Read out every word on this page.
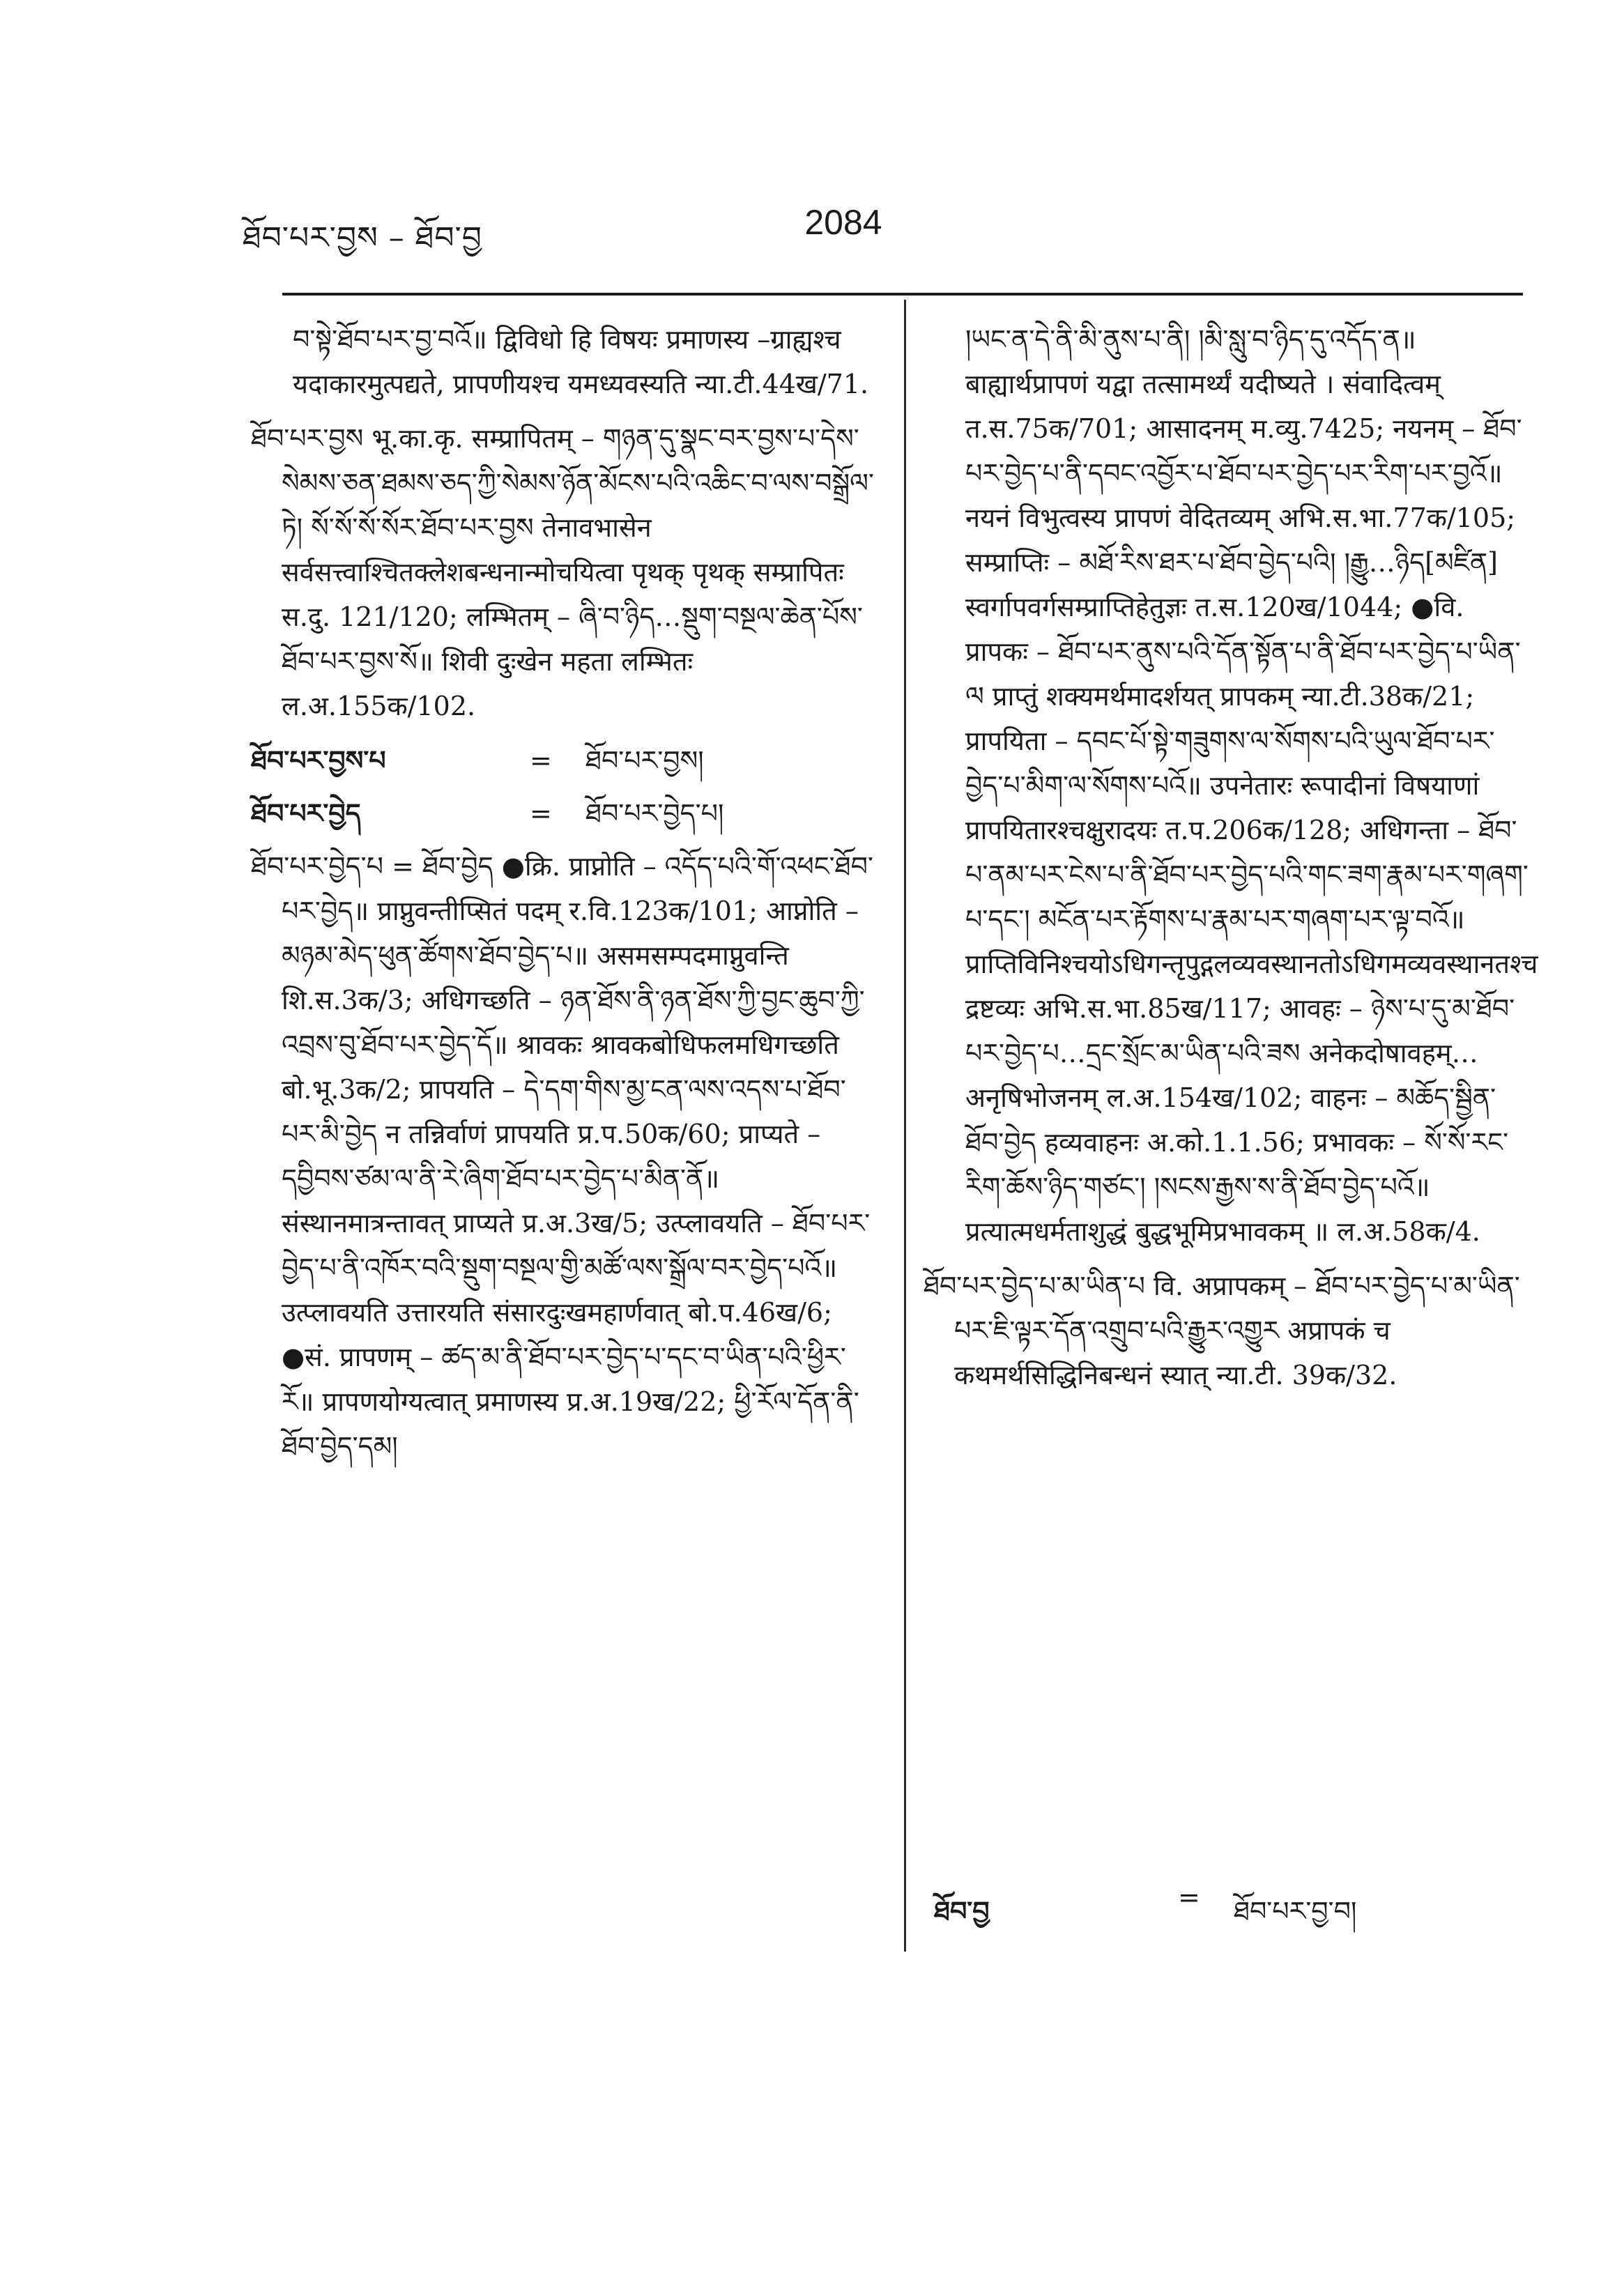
ཐོབ་པར་བྱས – ཐོབ་བྱ	2084

བ་སྟེ་ཐོབ་པར་བྱ་བའོ॥ द्विविधो हि विषयः प्रमाणस्य –ग्राह्यश्च यदाकारमुत्पद्यते, प्रापणीयश्च यमध्यवस्यति न्या.टी.44ख/71.

ཐོབ་པར་བྱས भू.का.कृ. सम्प्रापितम् – གཉན་དུ་སྣང་བར་བྱས་པ་དེས་སེམས་ཅན་ཐམས་ཅད་ཀྱི་སེམས་ཉོན་མོངས་པའི་འཆིང་བ་ལས་བསྒྲོལ་ཏེ། སོ་སོ་སོ་སོར་ཐོབ་པར་བྱས तेनावभासेन सर्वसत्त्वाश्चितक्लेशबन्धनान्मोचयित्वा पृथक् पृथक् सम्प्रापितः स.दु. 121/120; लम्भितम् – ཞི་བ་ཉིད…སྡུག་བསྔལ་ཆེན་པོས་ཐོབ་པར་བྱས་སོ॥ शिवी दुःखेन महता लम्भितः ल.अ.155क/102.

ཐོབ་པར་བྱས་པ	=	ཐོབ་པར་བྱས།
ཐོབ་པར་བྱེད	=	ཐོབ་པར་བྱེད་པ།

ཐོབ་པར་བྱེད་པ = ཐོབ་བྱེད ●क्रि. प्राप्नोति – འདོད་པའི་གོ་འཕང་ཐོབ་པར་བྱེད॥ प्राप्नुवन्तीप्सितं पदम् र.वि.123क/101; आप्नोति – མཉམ་མེད་ཕུན་ཚོགས་ཐོབ་བྱེད་པ॥ असमसम्पदमाप्नुवन्ति शि.स.3क/3; अधिगच्छति – ཉན་ཐོས་ནི་ཉན་ཐོས་ཀྱི་བྱང་ཆུབ་ཀྱི་འབྲས་བུ་ཐོབ་པར་བྱེད་དོ॥ श्रावकः श्रावकबोधिफलमधिगच्छति बो.भू.3क/2; प्रापयति – དེ་དག་གིས་མྱ་ངན་ལས་འདས་པ་ཐོབ་པར་མི་བྱེད न तन्निर्वाणं प्रापयति प्र.प.50क/60; प्राप्यते – དབྱིབས་ཙམ་ལ་ནི་རེ་ཞིག་ཐོབ་པར་བྱེད་པ་མིན་ནོ॥ संस्थानमात्रन्तावत् प्राप्यते प्र.अ.3ख/5; उत्प्लावयति – ཐོབ་པར་བྱེད་པ་ནི་འཁོར་བའི་སྡུག་བསྔལ་གྱི་མཚོ་ལས་སྒྲོལ་བར་བྱེད་པའོ॥ उत्प्लावयति उत्तारयति संसारदुःखमहार्णवात् बो.प.46ख/6; ●सं. प्रापणम् – ཚད་མ་ནི་ཐོབ་པར་བྱེད་པ་དང་བ་ཡིན་པའི་ཕྱིར་རོ॥ प्रापणयोग्यत्वात् प्रमाणस्य प्र.अ.19ख/22; ཕྱི་རོལ་དོན་ནི་ཐོབ་བྱེད་དམ།

།ཡང་ན་དེ་ནི་མི་ནུས་པ་ནི། །མི་སླུ་བ་ཉིད་དུ་འདོད་ན॥ बाह्यार्थप्रापणं यद्वा तत्सामर्थ्यं यदीष्यते । संवादित्वम् त.स.75क/701; आसादनम् म.व्यु.7425; नयनम् – ཐོབ་པར་བྱེད་པ་ནི་དབང་འབྱོར་པ་ཐོབ་པར་བྱེད་པར་རིག་པར་བྱའོ॥ नयनं विभुत्वस्य प्रापणं वेदितव्यम् अभि.स.भा.77क/105; सम्प्राप्तिः – མཐོ་རིས་ཐར་པ་ཐོབ་བྱེད་པའི། །རྒྱུ…ཉིད[མཛིན] स्वर्गापवर्गसम्प्राप्तिहेतुज्ञः त.स.120ख/1044; ●वि. प्रापकः – ཐོབ་པར་ནུས་པའི་དོན་སྟོན་པ་ནི་ཐོབ་པར་བྱེད་པ་ཡིན་ལ प्राप्तुं शक्यमर्थमादर्शयत् प्रापकम् न्या.टी.38क/21; प्रापयिता – དབང་པོ་སྟེ་གཟུགས་ལ་སོགས་པའི་ཡུལ་ཐོབ་པར་བྱེད་པ་མིག་ལ་སོགས་པའོ॥ उपनेतारः रूपादीनां विषयाणां प्रापयितारश्चक्षुरादयः त.प.206क/128; अधिगन्ता – ཐོབ་པ་ནམ་པར་ངེས་པ་ནི་ཐོབ་པར་བྱེད་པའི་གང་ཟག་རྣམ་པར་གཞག་པ་དང་། མངོན་པར་རྟོགས་པ་རྣམ་པར་གཞག་པར་ལྟ་བའོ॥ प्राप्तिविनिश्चयोऽधिगन्तृपुद्गलव्यवस्थानतोऽधिगमव्यवस्थानतश्च द्रष्टव्यः अभि.स.भा.85ख/117; आवहः – ཉེས་པ་དུ་མ་ཐོབ་པར་བྱེད་པ…དྲང་སྲོང་མ་ཡིན་པའི་ཟས अनेकदोषावहम्…अनृषिभोजनम् ल.अ.154ख/102; वाहनः – མཆོད་སྦྱིན་ཐོབ་བྱེད हव्यवाहनः अ.को.1.1.56; प्रभावकः – སོ་སོ་རང་རིག་ཆོས་ཉིད་གཙང་། །སངས་རྒྱས་ས་ནི་ཐོབ་བྱེད་པའོ॥ प्रत्यात्मधर्मताशुद्धं बुद्धभूमिप्रभावकम् ॥ ल.अ.58क/4.

ཐོབ་པར་བྱེད་པ་མ་ཡིན་པ वि. अप्रापकम् – ཐོབ་པར་བྱེད་པ་མ་ཡིན་པར་ཇི་ལྟར་དོན་འགྲུབ་པའི་རྒྱུར་འགྱུར अप्रापकं च कथमर्थसिद्धिनिबन्धनं स्यात् न्या.टी. 39क/32.

ཐོབ་བྱ	=	ཐོབ་པར་བྱ་བ།
